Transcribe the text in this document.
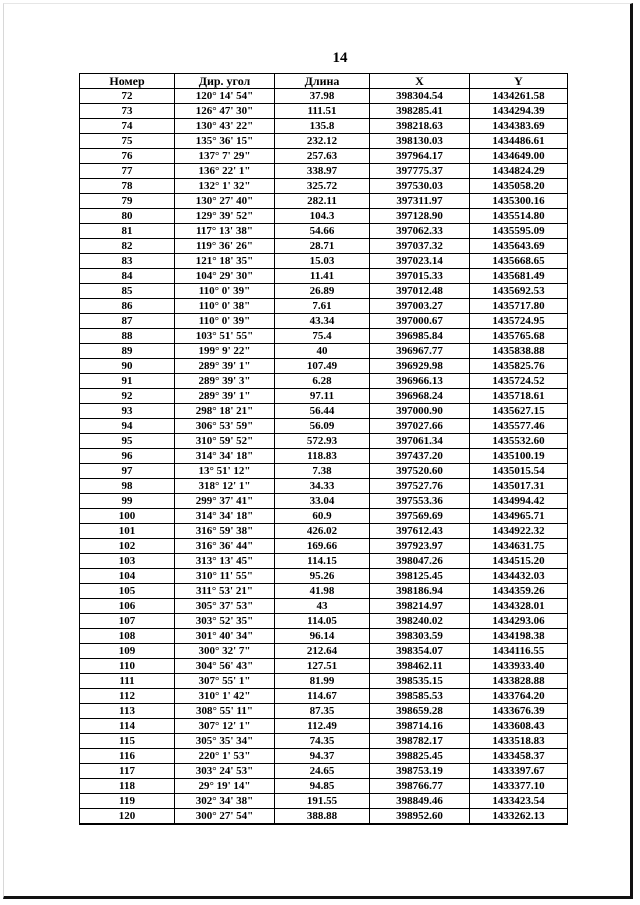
14
Номер	Дир. угол	Длина	X	Y
72	120° 14' 54"	37.98	398304.54	1434261.58
73	126° 47' 30"	111.51	398285.41	1434294.39
74	130° 43' 22"	135.8	398218.63	1434383.69
75	135° 36' 15"	232.12	398130.03	1434486.61
76	137° 7' 29"	257.63	397964.17	1434649.00
77	136° 22' 1"	338.97	397775.37	1434824.29
78	132° 1' 32"	325.72	397530.03	1435058.20
79	130° 27' 40"	282.11	397311.97	1435300.16
80	129° 39' 52"	104.3	397128.90	1435514.80
81	117° 13' 38"	54.66	397062.33	1435595.09
82	119° 36' 26"	28.71	397037.32	1435643.69
83	121° 18' 35"	15.03	397023.14	1435668.65
84	104° 29' 30"	11.41	397015.33	1435681.49
85	110° 0' 39"	26.89	397012.48	1435692.53
86	110° 0' 38"	7.61	397003.27	1435717.80
87	110° 0' 39"	43.34	397000.67	1435724.95
88	103° 51' 55"	75.4	396985.84	1435765.68
89	199° 9' 22"	40	396967.77	1435838.88
90	289° 39' 1"	107.49	396929.98	1435825.76
91	289° 39' 3"	6.28	396966.13	1435724.52
92	289° 39' 1"	97.11	396968.24	1435718.61
93	298° 18' 21"	56.44	397000.90	1435627.15
94	306° 53' 59"	56.09	397027.66	1435577.46
95	310° 59' 52"	572.93	397061.34	1435532.60
96	314° 34' 18"	118.83	397437.20	1435100.19
97	13° 51' 12"	7.38	397520.60	1435015.54
98	318° 12' 1"	34.33	397527.76	1435017.31
99	299° 37' 41"	33.04	397553.36	1434994.42
100	314° 34' 18"	60.9	397569.69	1434965.71
101	316° 59' 38"	426.02	397612.43	1434922.32
102	316° 36' 44"	169.66	397923.97	1434631.75
103	313° 13' 45"	114.15	398047.26	1434515.20
104	310° 11' 55"	95.26	398125.45	1434432.03
105	311° 53' 21"	41.98	398186.94	1434359.26
106	305° 37' 53"	43	398214.97	1434328.01
107	303° 52' 35"	114.05	398240.02	1434293.06
108	301° 40' 34"	96.14	398303.59	1434198.38
109	300° 32' 7"	212.64	398354.07	1434116.55
110	304° 56' 43"	127.51	398462.11	1433933.40
111	307° 55' 1"	81.99	398535.15	1433828.88
112	310° 1' 42"	114.67	398585.53	1433764.20
113	308° 55' 11"	87.35	398659.28	1433676.39
114	307° 12' 1"	112.49	398714.16	1433608.43
115	305° 35' 34"	74.35	398782.17	1433518.83
116	220° 1' 53"	94.37	398825.45	1433458.37
117	303° 24' 53"	24.65	398753.19	1433397.67
118	29° 19' 14"	94.85	398766.77	1433377.10
119	302° 34' 38"	191.55	398849.46	1433423.54
120	300° 27' 54"	388.88	398952.60	1433262.13
